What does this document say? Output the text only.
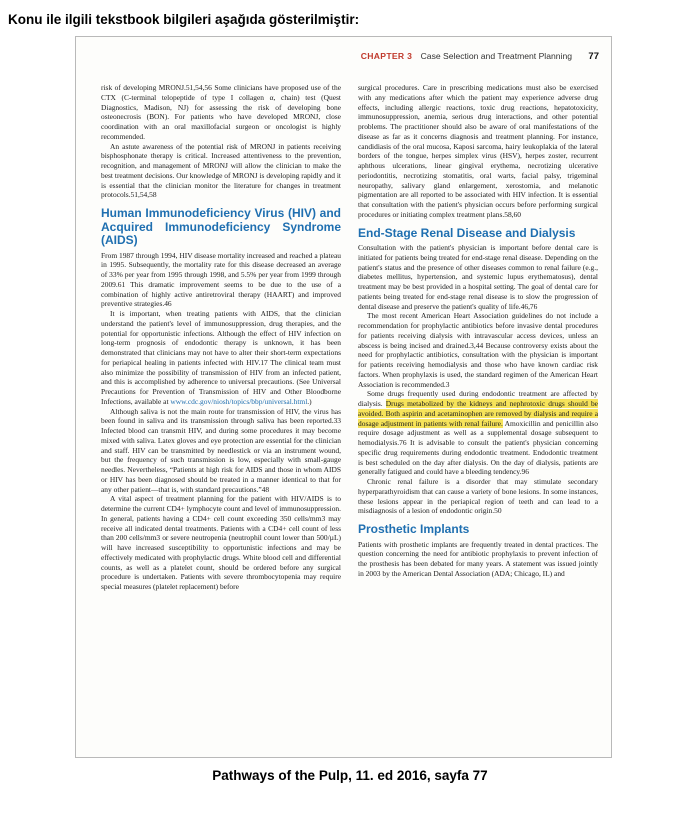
Konu ile ilgili tekstbook bilgileri aşağıda gösterilmiştir:
CHAPTER 3 Case Selection and Treatment Planning 77

risk of developing MRONJ.51,54,56 Some clinicians have proposed use of the CTX (C-terminal telopeptide of type I collagen α, chain) test (Quest Diagnostics, Madison, NJ) for assessing the risk of developing bone osteonecrosis (BON). For patients who have developed MRONJ, close coordination with an oral maxillofacial surgeon or oncologist is highly recommended.

An astute awareness of the potential risk of MRONJ in patients receiving bisphosphonate therapy is critical. Increased attentiveness to the prevention, recognition, and management of MRONJ will allow the clinician to make the best treatment decisions. Our knowledge of MRONJ is developing rapidly and it is essential that the clinician monitor the literature for changes in treatment protocols.51,54,58

Human Immunodeficiency Virus (HIV) and Acquired Immunodeficiency Syndrome (AIDS)

From 1987 through 1994, HIV disease mortality increased and reached a plateau in 1995. Subsequently, the mortality rate for this disease decreased an average of 33% per year from 1995 through 1998, and 5.5% per year from 1999 through 2009.61 This dramatic improvement seems to be due to the use of a combination of highly active antiretroviral therapy (HAART) and improved preventive strategies.46

It is important, when treating patients with AIDS, that the clinician understand the patient's level of immunosuppression, drug therapies, and the potential for opportunistic infections. Although the effect of HIV infection on long-term prognosis of endodontic therapy is unknown, it has been demonstrated that clinicians may not have to alter their short-term expectations for periapical healing in patients infected with HIV.17 The clinical team must also minimize the possibility of transmission of HIV from an infected patient, and this is accomplished by adherence to universal precautions. (See Universal Precautions for Prevention of Transmission of HIV and Other Bloodborne Infections, available at www.cdc.gov/niosh/topics/bbp/universal.html.)

Although saliva is not the main route for transmission of HIV, the virus has been found in saliva and its transmission through saliva has been reported.33 Infected blood can transmit HIV, and during some procedures it may become mixed with saliva. Latex gloves and eye protection are essential for the clinician and staff. HIV can be transmitted by needlestick or via an instrument wound, but the frequency of such transmission is low, especially with small-gauge needles. Nevertheless, “Patients at high risk for AIDS and those in whom AIDS or HIV has been diagnosed should be treated in a manner identical to that for any other patient—that is, with standard precautions.”48

A vital aspect of treatment planning for the patient with HIV/AIDS is to determine the current CD4+ lymphocyte count and level of immunosuppression. In general, patients having a CD4+ cell count exceeding 350 cells/mm3 may receive all indicated dental treatments. Patients with a CD4+ cell count of less than 200 cells/mm3 or severe neutropenia (neutrophil count lower than 500/µL) will have increased susceptibility to opportunistic infections and may be effectively medicated with prophylactic drugs. White blood cell and differential counts, as well as a platelet count, should be ordered before any surgical procedure is undertaken. Patients with severe thrombocytopenia may require special measures (platelet replacement) before

surgical procedures. Care in prescribing medications must also be exercised with any medications after which the patient may experience adverse drug effects, including allergic reactions, toxic drug reactions, hepatotoxicity, immunosuppression, anemia, serious drug interactions, and other potential problems. The practitioner should also be aware of oral manifestations of the disease as far as it concerns diagnosis and treatment planning. For instance, candidiasis of the oral mucosa, Kaposi sarcoma, hairy leukoplakia of the lateral borders of the tongue, herpes simplex virus (HSV), herpes zoster, recurrent aphthous ulcerations, linear gingival erythema, necrotizing ulcerative periodontitis, necrotizing stomatitis, oral warts, facial palsy, trigeminal neuropathy, salivary gland enlargement, xerostomia, and melanotic pigmentation are all reported to be associated with HIV infection. It is essential that consultation with the patient's physician occurs before performing surgical procedures or initiating complex treatment plans.58,60

End-Stage Renal Disease and Dialysis

Consultation with the patient's physician is important before dental care is initiated for patients being treated for end-stage renal disease. Depending on the patient's status and the presence of other diseases common to renal failure (e.g., diabetes mellitus, hypertension, and systemic lupus erythematosus), dental treatment may be best provided in a hospital setting. The goal of dental care for patients being treated for end-stage renal disease is to slow the progression of dental disease and preserve the patient's quality of life.46,76

The most recent American Heart Association guidelines do not include a recommendation for prophylactic antibiotics before invasive dental procedures for patients receiving dialysis with intravascular access devices, unless an abscess is being incised and drained.3,44 Because controversy exists about the need for prophylactic antibiotics, consultation with the physician is important for patients receiving hemodialysis and those who have known cardiac risk factors. When prophylaxis is used, the standard regimen of the American Heart Association is recommended.3

Some drugs frequently used during endodontic treatment are affected by dialysis. Drugs metabolized by the kidneys and nephrotoxic drugs should be avoided. Both aspirin and acetaminophen are removed by dialysis and require a dosage adjustment in patients with renal failure. Amoxicillin and penicillin also require dosage adjustment as well as a supplemental dosage subsequent to hemodialysis.76 It is advisable to consult the patient's physician concerning specific drug requirements during endodontic treatment. Endodontic treatment is best scheduled on the day after dialysis. On the day of dialysis, patients are generally fatigued and could have a bleeding tendency.96

Chronic renal failure is a disorder that may stimulate secondary hyperparathyroidism that can cause a variety of bone lesions. In some instances, these lesions appear in the periapical region of teeth and can lead to a misdiagnosis of a lesion of endodontic origin.50

Prosthetic Implants

Patients with prosthetic implants are frequently treated in dental practices. The question concerning the need for antibiotic prophylaxis to prevent infection of the prosthesis has been debated for many years. A statement was issued jointly in 2003 by the American Dental Association (ADA; Chicago, IL) and

Pathways of the Pulp, 11. ed 2016, sayfa 77
